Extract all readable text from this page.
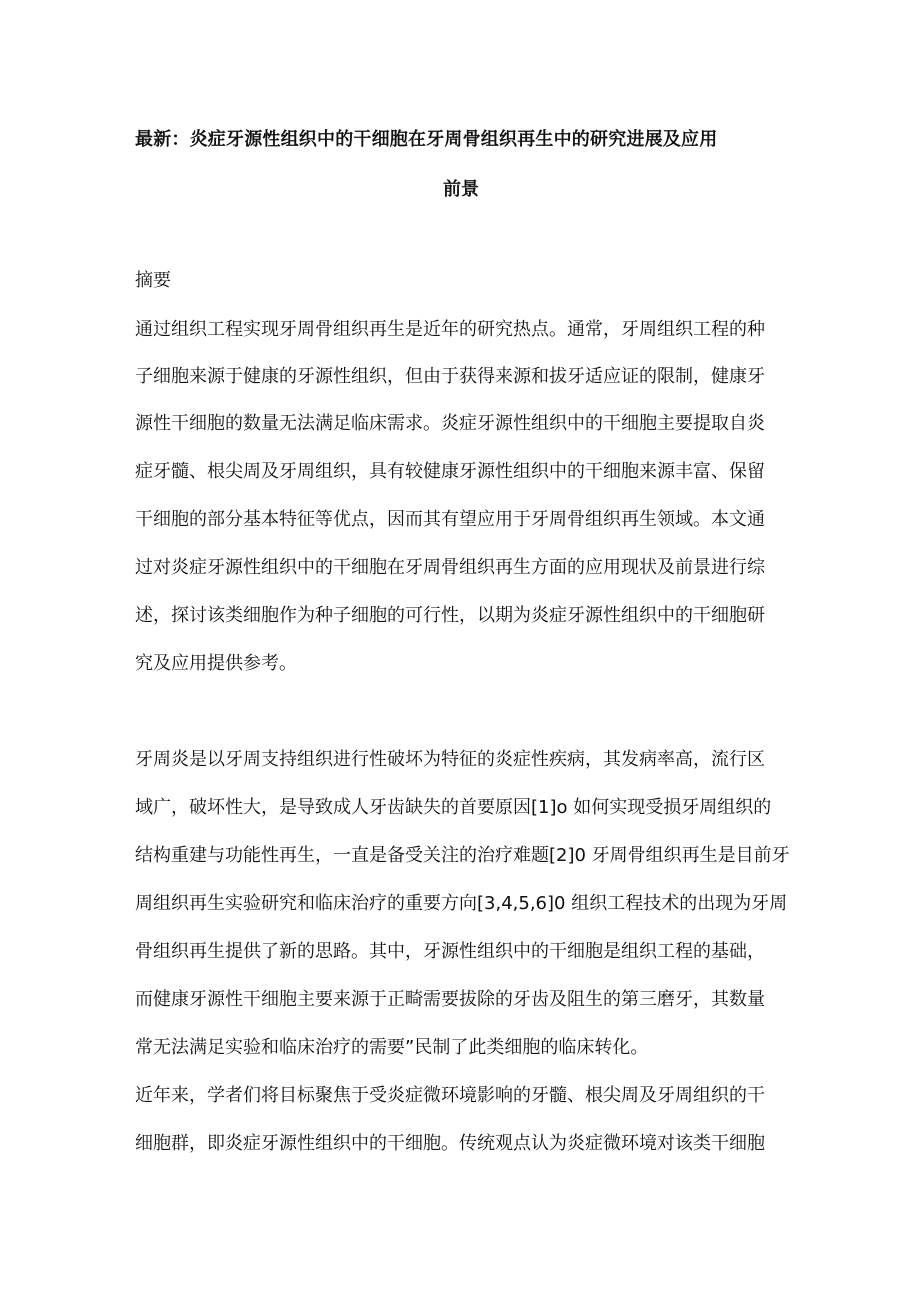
最新：炎症牙源性组织中的干细胞在牙周骨组织再生中的研究进展及应用
前景
摘要
通过组织工程实现牙周骨组织再生是近年的研究热点。通常，牙周组织工程的种
子细胞来源于健康的牙源性组织，但由于获得来源和拔牙适应证的限制，健康牙
源性干细胞的数量无法满足临床需求。炎症牙源性组织中的干细胞主要提取自炎
症牙髓、根尖周及牙周组织，具有较健康牙源性组织中的干细胞来源丰富、保留
干细胞的部分基本特征等优点，因而其有望应用于牙周骨组织再生领域。本文通
过对炎症牙源性组织中的干细胞在牙周骨组织再生方面的应用现状及前景进行综
述，探讨该类细胞作为种子细胞的可行性，以期为炎症牙源性组织中的干细胞研
究及应用提供参考。
牙周炎是以牙周支持组织进行性破坏为特征的炎症性疾病，其发病率高，流行区
域广，破坏性大，是导致成人牙齿缺失的首要原因[1]o 如何实现受损牙周组织的
结构重建与功能性再生，一直是备受关注的治疗难题[2]0 牙周骨组织再生是目前牙
周组织再生实验研究和临床治疗的重要方向[3,4,5,6]0 组织工程技术的出现为牙周
骨组织再生提供了新的思路。其中，牙源性组织中的干细胞是组织工程的基础，
而健康牙源性干细胞主要来源于正畸需要拔除的牙齿及阻生的第三磨牙，其数量
常无法满足实验和临床治疗的需要”民制了此类细胞的临床转化。
近年来，学者们将目标聚焦于受炎症微环境影响的牙髓、根尖周及牙周组织的干
细胞群，即炎症牙源性组织中的干细胞。传统观点认为炎症微环境对该类干细胞
